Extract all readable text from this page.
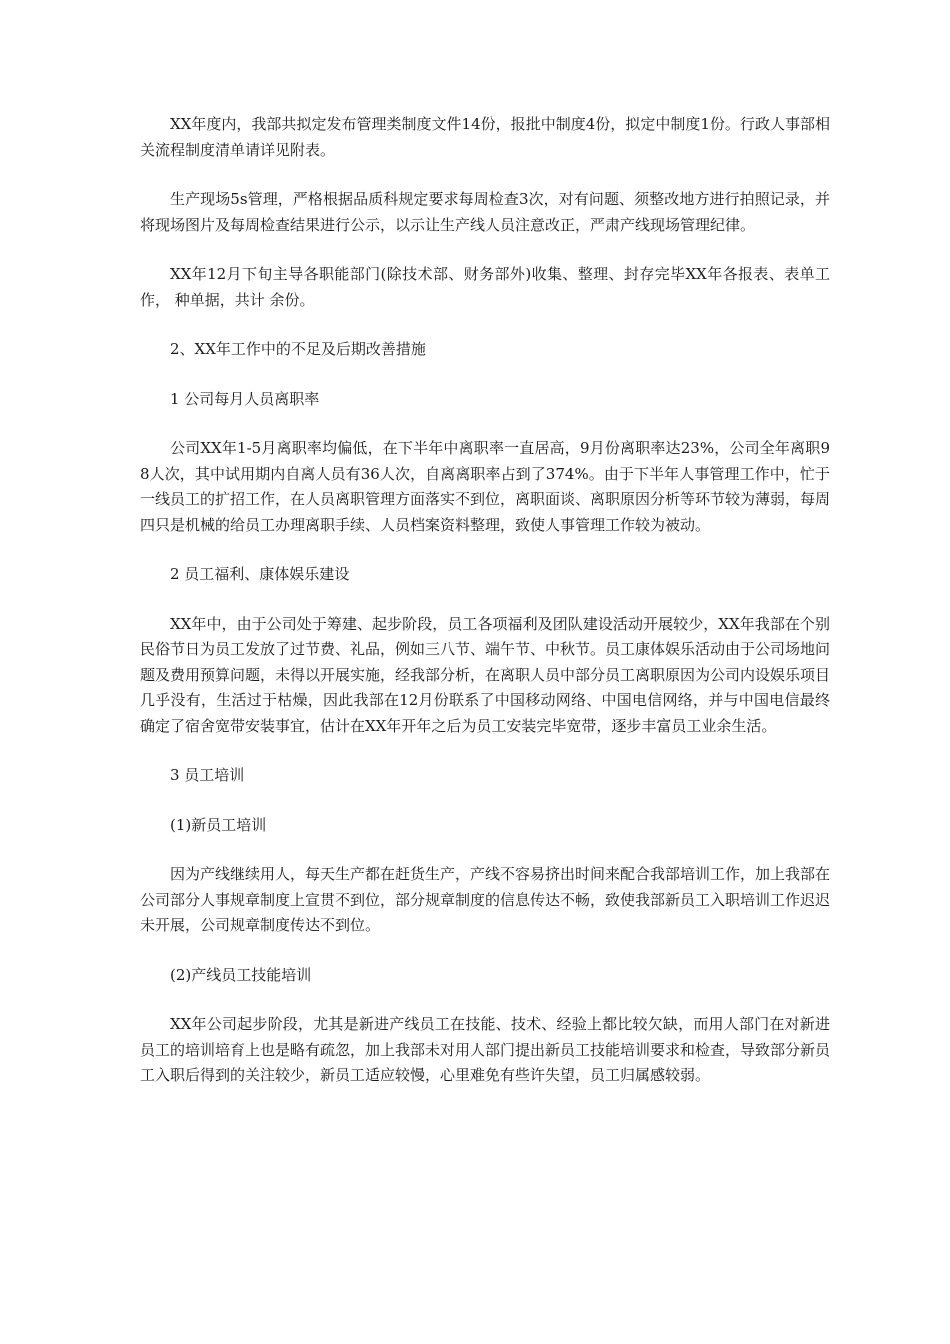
XX年度内，我部共拟定发布管理类制度文件14份，报批中制度4份，拟定中制度1份。行政人事部相关流程制度清单请详见附表。

生产现场5s管理，严格根据品质科规定要求每周检查3次，对有问题、须整改地方进行拍照记录，并将现场图片及每周检查结果进行公示，以示让生产线人员注意改正，严肃产线现场管理纪律。

XX年12月下旬主导各职能部门(除技术部、财务部外)收集、整理、封存完毕XX年各报表、表单工作， 种单据，共计 余份。

2、XX年工作中的不足及后期改善措施

1 公司每月人员离职率

公司XX年1-5月离职率均偏低，在下半年中离职率一直居高，9月份离职率达23%，公司全年离职98人次，其中试用期内自离人员有36人次，自离离职率占到了374%。由于下半年人事管理工作中，忙于一线员工的扩招工作，在人员离职管理方面落实不到位，离职面谈、离职原因分析等环节较为薄弱，每周四只是机械的给员工办理离职手续、人员档案资料整理，致使人事管理工作较为被动。

2 员工福利、康体娱乐建设

XX年中，由于公司处于筹建、起步阶段，员工各项福利及团队建设活动开展较少，XX年我部在个别民俗节日为员工发放了过节费、礼品，例如三八节、端午节、中秋节。员工康体娱乐活动由于公司场地问题及费用预算问题，未得以开展实施，经我部分析，在离职人员中部分员工离职原因为公司内设娱乐项目几乎没有，生活过于枯燥，因此我部在12月份联系了中国移动网络、中国电信网络，并与中国电信最终确定了宿舍宽带安装事宜，估计在XX年开年之后为员工安装完毕宽带，逐步丰富员工业余生活。

3 员工培训

(1)新员工培训

因为产线继续用人，每天生产都在赶货生产，产线不容易挤出时间来配合我部培训工作，加上我部在公司部分人事规章制度上宣贯不到位，部分规章制度的信息传达不畅，致使我部新员工入职培训工作迟迟未开展，公司规章制度传达不到位。

(2)产线员工技能培训

XX年公司起步阶段，尤其是新进产线员工在技能、技术、经验上都比较欠缺，而用人部门在对新进员工的培训培育上也是略有疏忽，加上我部未对用人部门提出新员工技能培训要求和检查，导致部分新员工入职后得到的关注较少，新员工适应较慢，心里难免有些许失望，员工归属感较弱。
